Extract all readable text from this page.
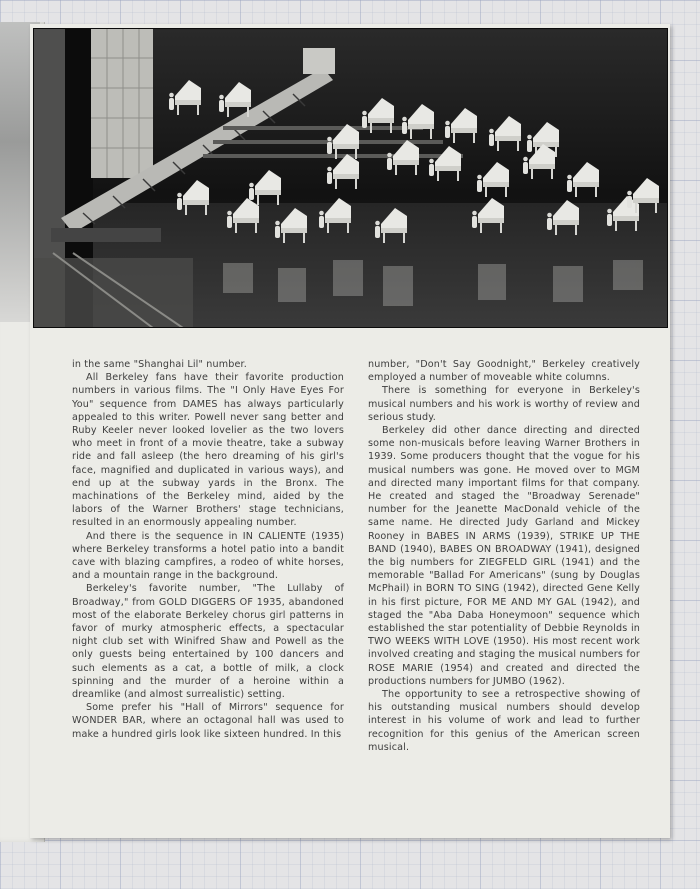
in the same "Shanghai Lil" number.

All Berkeley fans have their favorite production numbers in various films. The "I Only Have Eyes For You" sequence from DAMES has always particularly appealed to this writer. Powell never sang better and Ruby Keeler never looked lovelier as the two lovers who meet in front of a movie theatre, take a subway ride and fall asleep (the hero dreaming of his girl's face, magnified and duplicated in various ways), and end up at the subway yards in the Bronx. The machinations of the Berkeley mind, aided by the labors of the Warner Brothers' stage technicians, resulted in an enormously appealing number.

And there is the sequence in IN CALIENTE (1935) where Berkeley transforms a hotel patio into a bandit cave with blazing campfires, a rodeo of white horses, and a mountain range in the background.

Berkeley's favorite number, "The Lullaby of Broadway," from GOLD DIGGERS OF 1935, abandoned most of the elaborate Berkeley chorus girl patterns in favor of murky atmospheric effects, a spectacular night club set with Winifred Shaw and Powell as the only guests being entertained by 100 dancers and such elements as a cat, a bottle of milk, a clock spinning and the murder of a heroine within a dreamlike (and almost surrealistic) setting.

Some prefer his "Hall of Mirrors" sequence for WONDER BAR, where an octagonal hall was used to make a hundred girls look like sixteen hundred. In this

number, "Don't Say Goodnight," Berkeley creatively employed a number of moveable white columns.

There is something for everyone in Berkeley's musical numbers and his work is worthy of review and serious study.

Berkeley did other dance directing and directed some non-musicals before leaving Warner Brothers in 1939. Some producers thought that the vogue for his musical numbers was gone. He moved over to MGM and directed many important films for that company. He created and staged the "Broadway Serenade" number for the Jeanette MacDonald vehicle of the same name. He directed Judy Garland and Mickey Rooney in BABES IN ARMS (1939), STRIKE UP THE BAND (1940), BABES ON BROADWAY (1941), designed the big numbers for ZIEGFELD GIRL (1941) and the memorable "Ballad For Americans" (sung by Douglas McPhail) in BORN TO SING (1942), directed Gene Kelly in his first picture, FOR ME AND MY GAL (1942), and staged the "Aba Daba Honeymoon" sequence which established the star potentiality of Debbie Reynolds in TWO WEEKS WITH LOVE (1950). His most recent work involved creating and staging the musical numbers for ROSE MARIE (1954) and created and directed the productions numbers for JUMBO (1962).

The opportunity to see a retrospective showing of his outstanding musical numbers should develop interest in his volume of work and lead to further recognition for this genius of the American screen musical.
